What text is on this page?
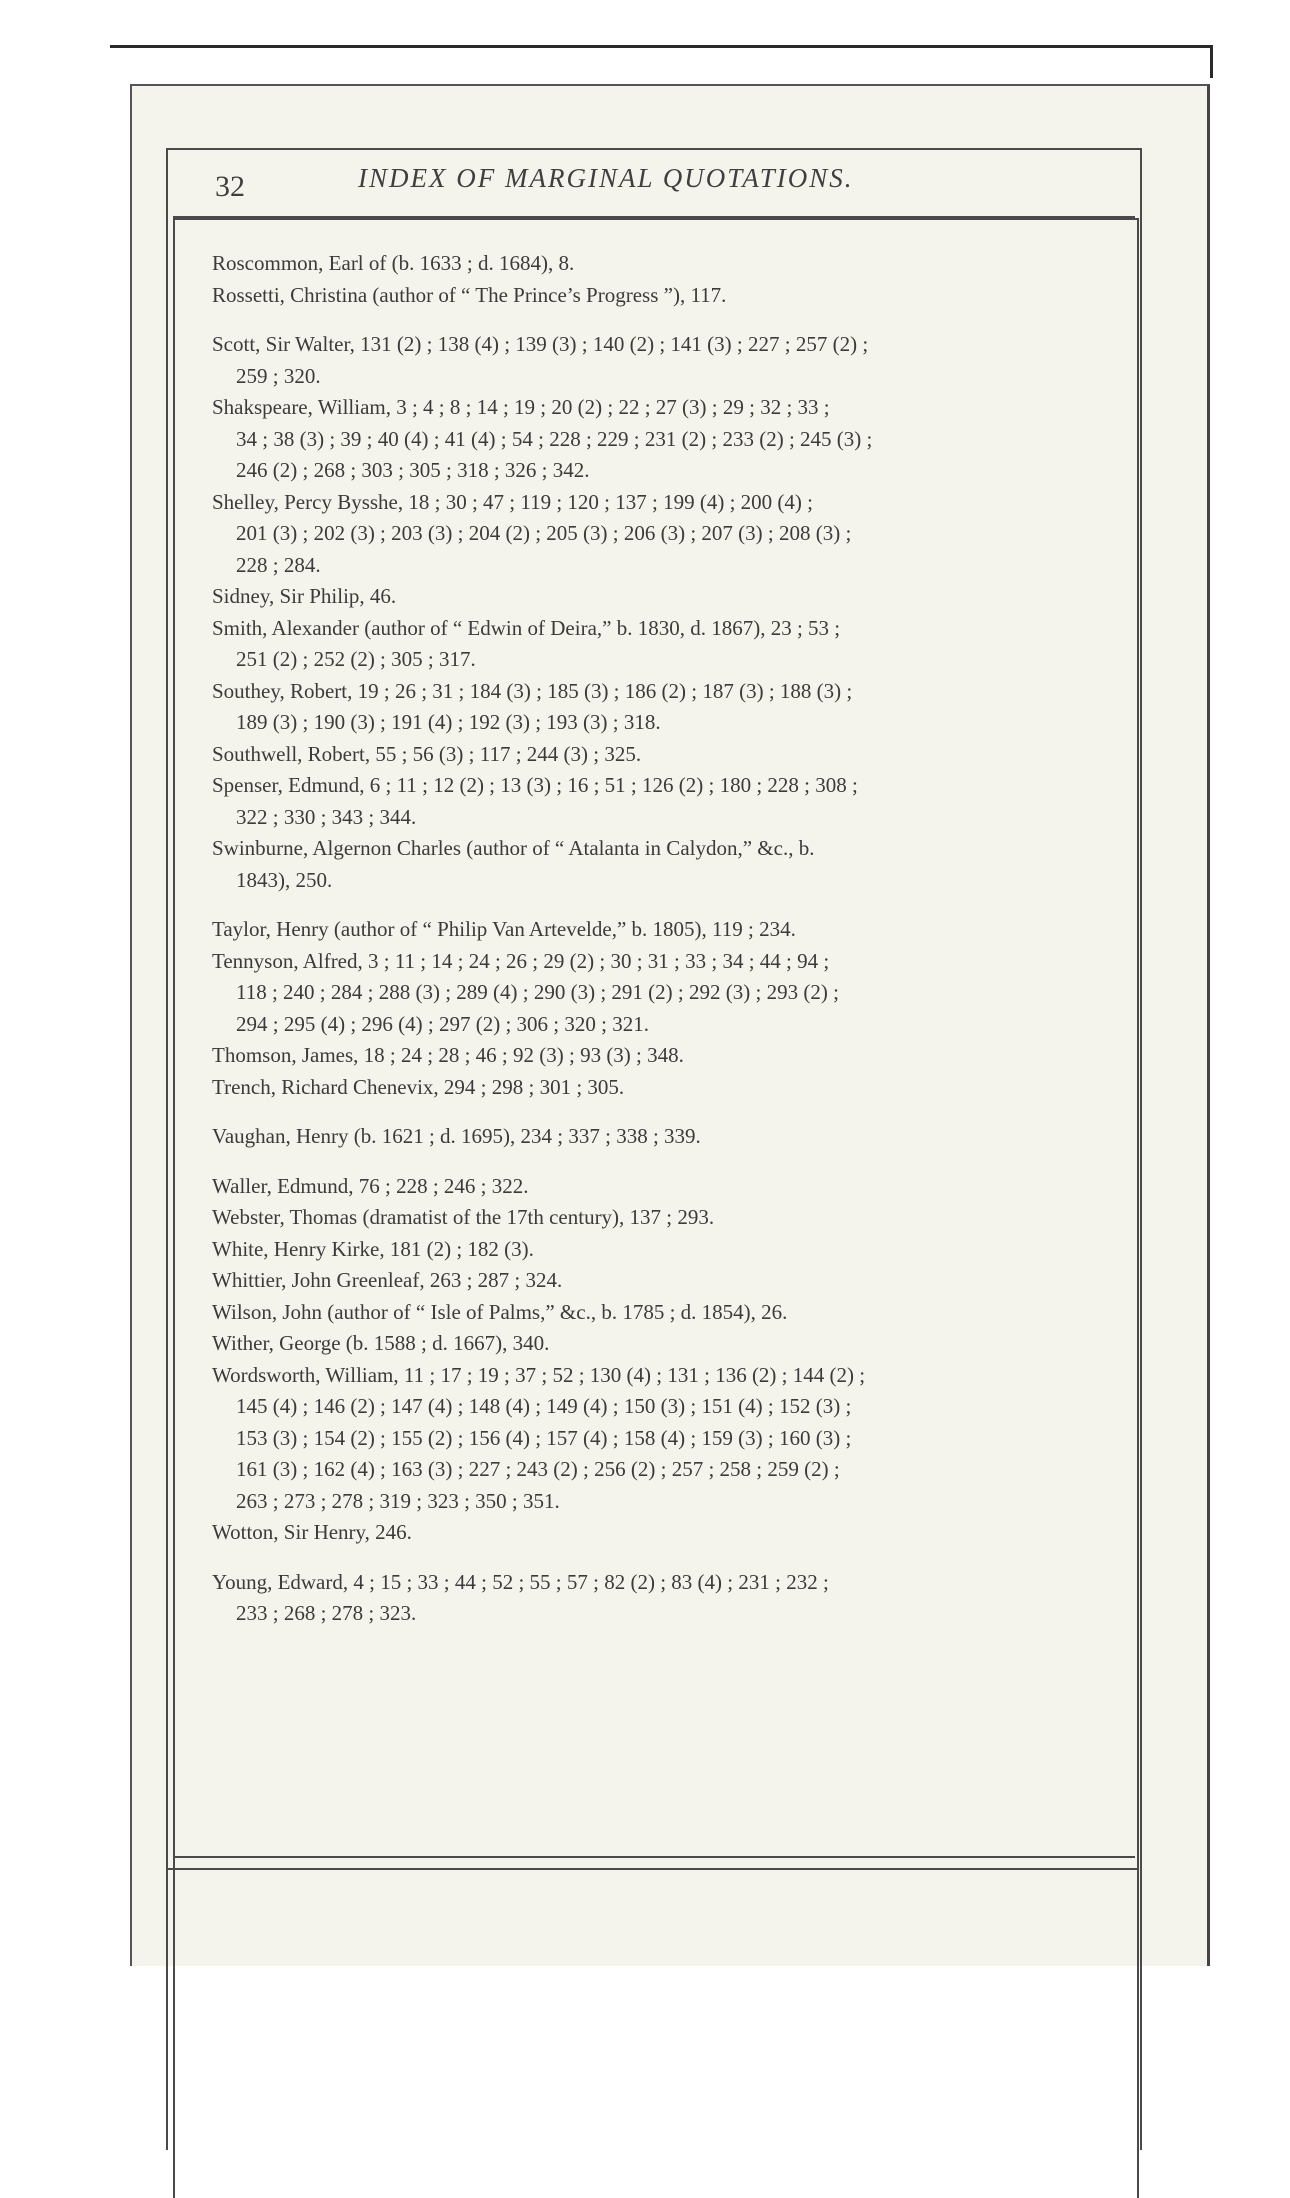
32	INDEX OF MARGINAL QUOTATIONS.
Roscommon, Earl of (b. 1633 ; d. 1684), 8.
Rossetti, Christina (author of “ The Prince’s Progress ”), 117.
Scott, Sir Walter, 131 (2) ; 138 (4) ; 139 (3) ; 140 (2) ; 141 (3) ; 227 ; 257 (2) ;
259 ; 320.
Shakspeare, William, 3 ; 4 ; 8 ; 14 ; 19 ; 20 (2) ; 22 ; 27 (3) ; 29 ; 32 ; 33 ;
34 ; 38 (3) ; 39 ; 40 (4) ; 41 (4) ; 54 ; 228 ; 229 ; 231 (2) ; 233 (2) ; 245 (3) ;
246 (2) ; 268 ; 303 ; 305 ; 318 ; 326 ; 342.
Shelley, Percy Bysshe, 18 ; 30 ; 47 ; 119 ; 120 ; 137 ; 199 (4) ; 200 (4) ;
201 (3) ; 202 (3) ; 203 (3) ; 204 (2) ; 205 (3) ; 206 (3) ; 207 (3) ; 208 (3) ;
228 ; 284.
Sidney, Sir Philip, 46.
Smith, Alexander (author of “ Edwin of Deira,” b. 1830, d. 1867), 23 ; 53 ;
251 (2) ; 252 (2) ; 305 ; 317.
Southey, Robert, 19 ; 26 ; 31 ; 184 (3) ; 185 (3) ; 186 (2) ; 187 (3) ; 188 (3) ;
189 (3) ; 190 (3) ; 191 (4) ; 192 (3) ; 193 (3) ; 318.
Southwell, Robert, 55 ; 56 (3) ; 117 ; 244 (3) ; 325.
Spenser, Edmund, 6 ; 11 ; 12 (2) ; 13 (3) ; 16 ; 51 ; 126 (2) ; 180 ; 228 ; 308 ;
322 ; 330 ; 343 ; 344.
Swinburne, Algernon Charles (author of “ Atalanta in Calydon,” &c., b.
1843), 250.
Taylor, Henry (author of “ Philip Van Artevelde,” b. 1805), 119 ; 234.
Tennyson, Alfred, 3 ; 11 ; 14 ; 24 ; 26 ; 29 (2) ; 30 ; 31 ; 33 ; 34 ; 44 ; 94 ;
118 ; 240 ; 284 ; 288 (3) ; 289 (4) ; 290 (3) ; 291 (2) ; 292 (3) ; 293 (2) ;
294 ; 295 (4) ; 296 (4) ; 297 (2) ; 306 ; 320 ; 321.
Thomson, James, 18 ; 24 ; 28 ; 46 ; 92 (3) ; 93 (3) ; 348.
Trench, Richard Chenevix, 294 ; 298 ; 301 ; 305.
Vaughan, Henry (b. 1621 ; d. 1695), 234 ; 337 ; 338 ; 339.
Waller, Edmund, 76 ; 228 ; 246 ; 322.
Webster, Thomas (dramatist of the 17th century), 137 ; 293.
White, Henry Kirke, 181 (2) ; 182 (3).
Whittier, John Greenleaf, 263 ; 287 ; 324.
Wilson, John (author of “ Isle of Palms,” &c., b. 1785 ; d. 1854), 26.
Wither, George (b. 1588 ; d. 1667), 340.
Wordsworth, William, 11 ; 17 ; 19 ; 37 ; 52 ; 130 (4) ; 131 ; 136 (2) ; 144 (2) ;
145 (4) ; 146 (2) ; 147 (4) ; 148 (4) ; 149 (4) ; 150 (3) ; 151 (4) ; 152 (3) ;
153 (3) ; 154 (2) ; 155 (2) ; 156 (4) ; 157 (4) ; 158 (4) ; 159 (3) ; 160 (3) ;
161 (3) ; 162 (4) ; 163 (3) ; 227 ; 243 (2) ; 256 (2) ; 257 ; 258 ; 259 (2) ;
263 ; 273 ; 278 ; 319 ; 323 ; 350 ; 351.
Wotton, Sir Henry, 246.
Young, Edward, 4 ; 15 ; 33 ; 44 ; 52 ; 55 ; 57 ; 82 (2) ; 83 (4) ; 231 ; 232 ;
233 ; 268 ; 278 ; 323.
